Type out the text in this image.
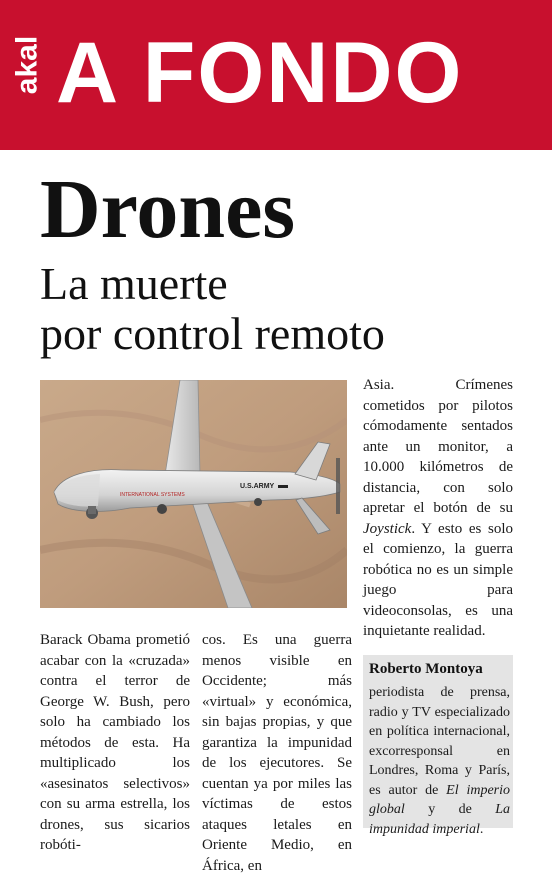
akal A FONDO
Drones
La muerte
por control remoto
INTERNATIONAL SYSTEMS
U.S.ARMY
Asia. Crímenes cometidos por pilotos cómodamente sentados ante un monitor, a 10.000 kilómetros de distancia, con solo apretar el botón de su Joystick. Y esto es solo el comienzo, la guerra robótica no es un simple juego para videoconsolas, es una inquietante realidad.
Barack Obama prometió acabar con la «cruzada» contra el terror de George W. Bush, pero solo ha cambiado los métodos de esta. Ha multiplicado los «asesinatos selectivos» con su arma estrella, los drones, sus sicarios robóti-
cos. Es una guerra menos visible en Occidente; más «virtual» y económica, sin bajas propias, y que garantiza la impunidad de los ejecutores. Se cuentan ya por miles las víctimas de estos ataques letales en Oriente Medio, en África, en
Roberto Montoya
periodista de prensa, radio y TV especializado en política internacional, excorresponsal en Londres, Roma y París, es autor de El imperio global y de La impunidad imperial.
